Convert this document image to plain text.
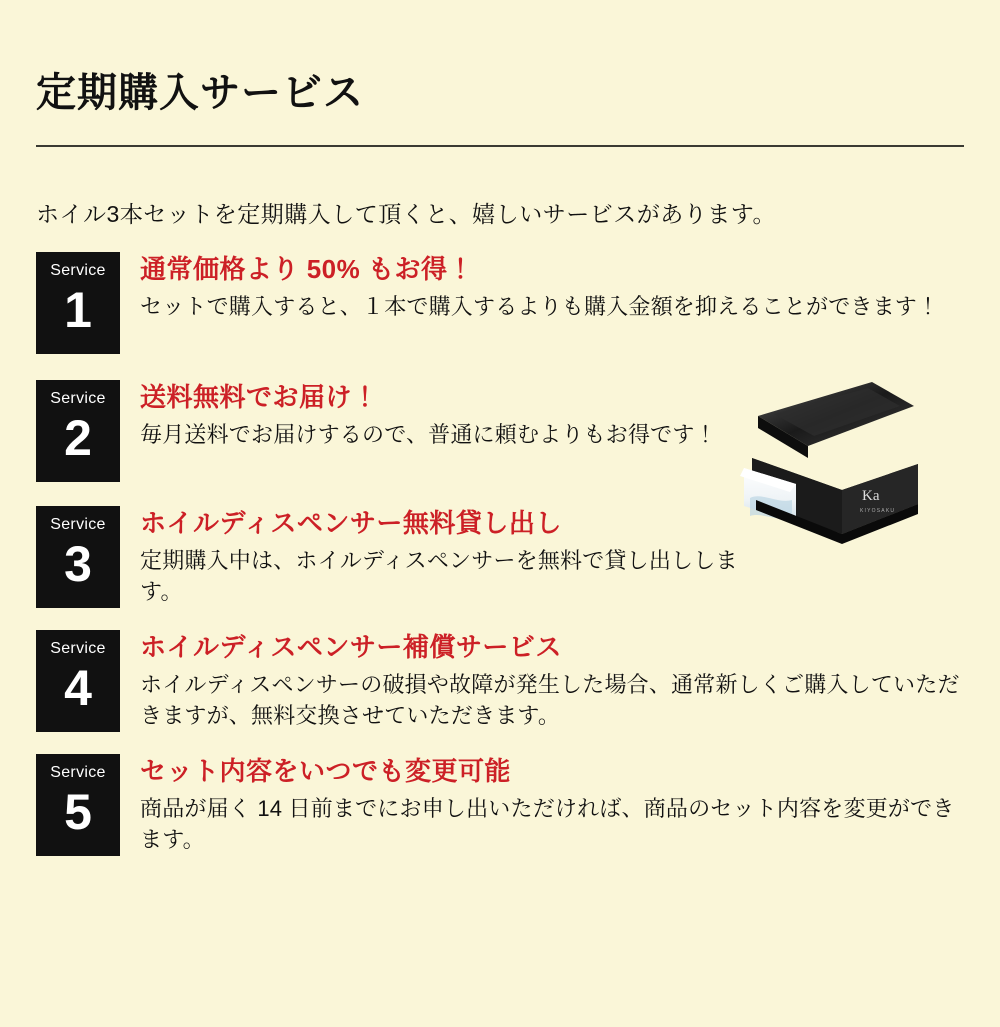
定期購入サービス

ホイル3本セットを定期購入して頂くと、嬉しいサービスがあります。

Ka
KIYOSAKU
Service
1
通常価格より 50% もお得！
セットで購入すると、１本で購入するよりも購入金額を抑えることができます！
Service
2
送料無料でお届け！
毎月送料でお届けするので、普通に頼むよりもお得です！
Service
3
ホイルディスペンサー無料貸し出し
定期購入中は、ホイルディスペンサーを無料で貸し出しします。
Service
4
ホイルディスペンサー補償サービス
ホイルディスペンサーの破損や故障が発生した場合、通常新しくご購入していただきますが、無料交換させていただきます。
Service
5
セット内容をいつでも変更可能
商品が届く 14 日前までにお申し出いただければ、商品のセット内容を変更ができます。
